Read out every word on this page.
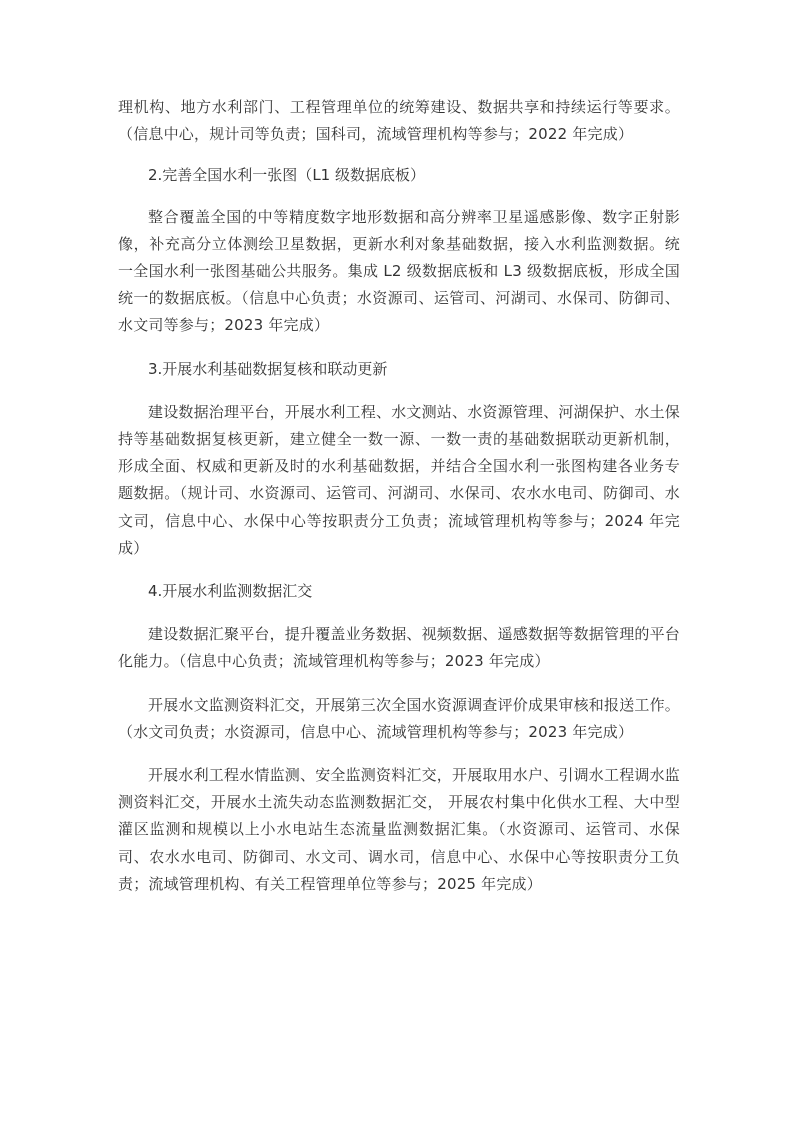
理机构、地方水利部门、工程管理单位的统筹建设、数据共享和持续运行等要求。（信息中心，规计司等负责；国科司，流域管理机构等参与；2022 年完成）

2.完善全国水利一张图（L1 级数据底板）

整合覆盖全国的中等精度数字地形数据和高分辨率卫星遥感影像、数字正射影像，补充高分立体测绘卫星数据，更新水利对象基础数据，接入水利监测数据。统一全国水利一张图基础公共服务。集成 L2 级数据底板和 L3 级数据底板，形成全国统一的数据底板。（信息中心负责；水资源司、运管司、河湖司、水保司、防御司、水文司等参与；2023 年完成）

3.开展水利基础数据复核和联动更新

建设数据治理平台，开展水利工程、水文测站、水资源管理、河湖保护、水土保持等基础数据复核更新，建立健全一数一源、一数一责的基础数据联动更新机制，形成全面、权威和更新及时的水利基础数据，并结合全国水利一张图构建各业务专题数据。（规计司、水资源司、运管司、河湖司、水保司、农水水电司、防御司、水文司，信息中心、水保中心等按职责分工负责；流域管理机构等参与；2024 年完成）

4.开展水利监测数据汇交

建设数据汇聚平台，提升覆盖业务数据、视频数据、遥感数据等数据管理的平台化能力。（信息中心负责；流域管理机构等参与；2023 年完成）

开展水文监测资料汇交，开展第三次全国水资源调查评价成果审核和报送工作。（水文司负责；水资源司，信息中心、流域管理机构等参与；2023 年完成）

开展水利工程水情监测、安全监测资料汇交，开展取用水户、引调水工程调水监测资料汇交，开展水土流失动态监测数据汇交， 开展农村集中化供水工程、大中型灌区监测和规模以上小水电站生态流量监测数据汇集。（水资源司、运管司、水保司、农水水电司、防御司、水文司、调水司，信息中心、水保中心等按职责分工负责；流域管理机构、有关工程管理单位等参与；2025 年完成）
